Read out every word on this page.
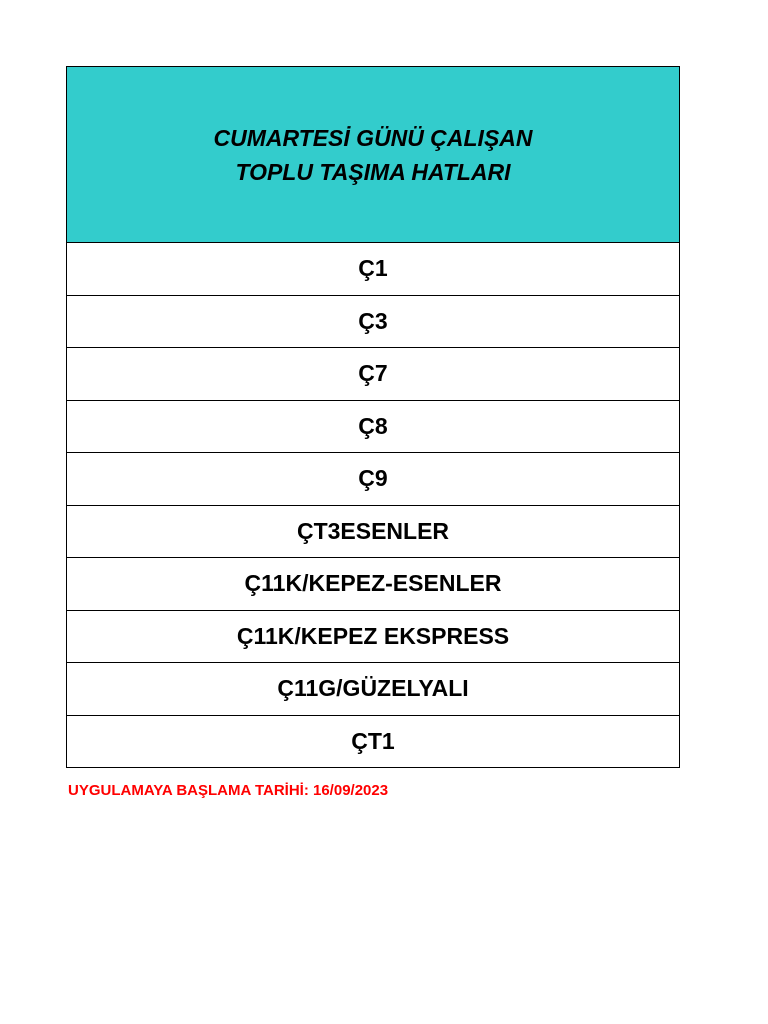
CUMARTESİ GÜNÜ ÇALIŞAN
TOPLU TAŞIMA HATLARI

Ç1
Ç3
Ç7
Ç8
Ç9
ÇT3ESENLER
Ç11K/KEPEZ-ESENLER
Ç11K/KEPEZ EKSPRESS
Ç11G/GÜZELYALI
ÇT1
UYGULAMAYA BAŞLAMA TARİHİ: 16/09/2023
